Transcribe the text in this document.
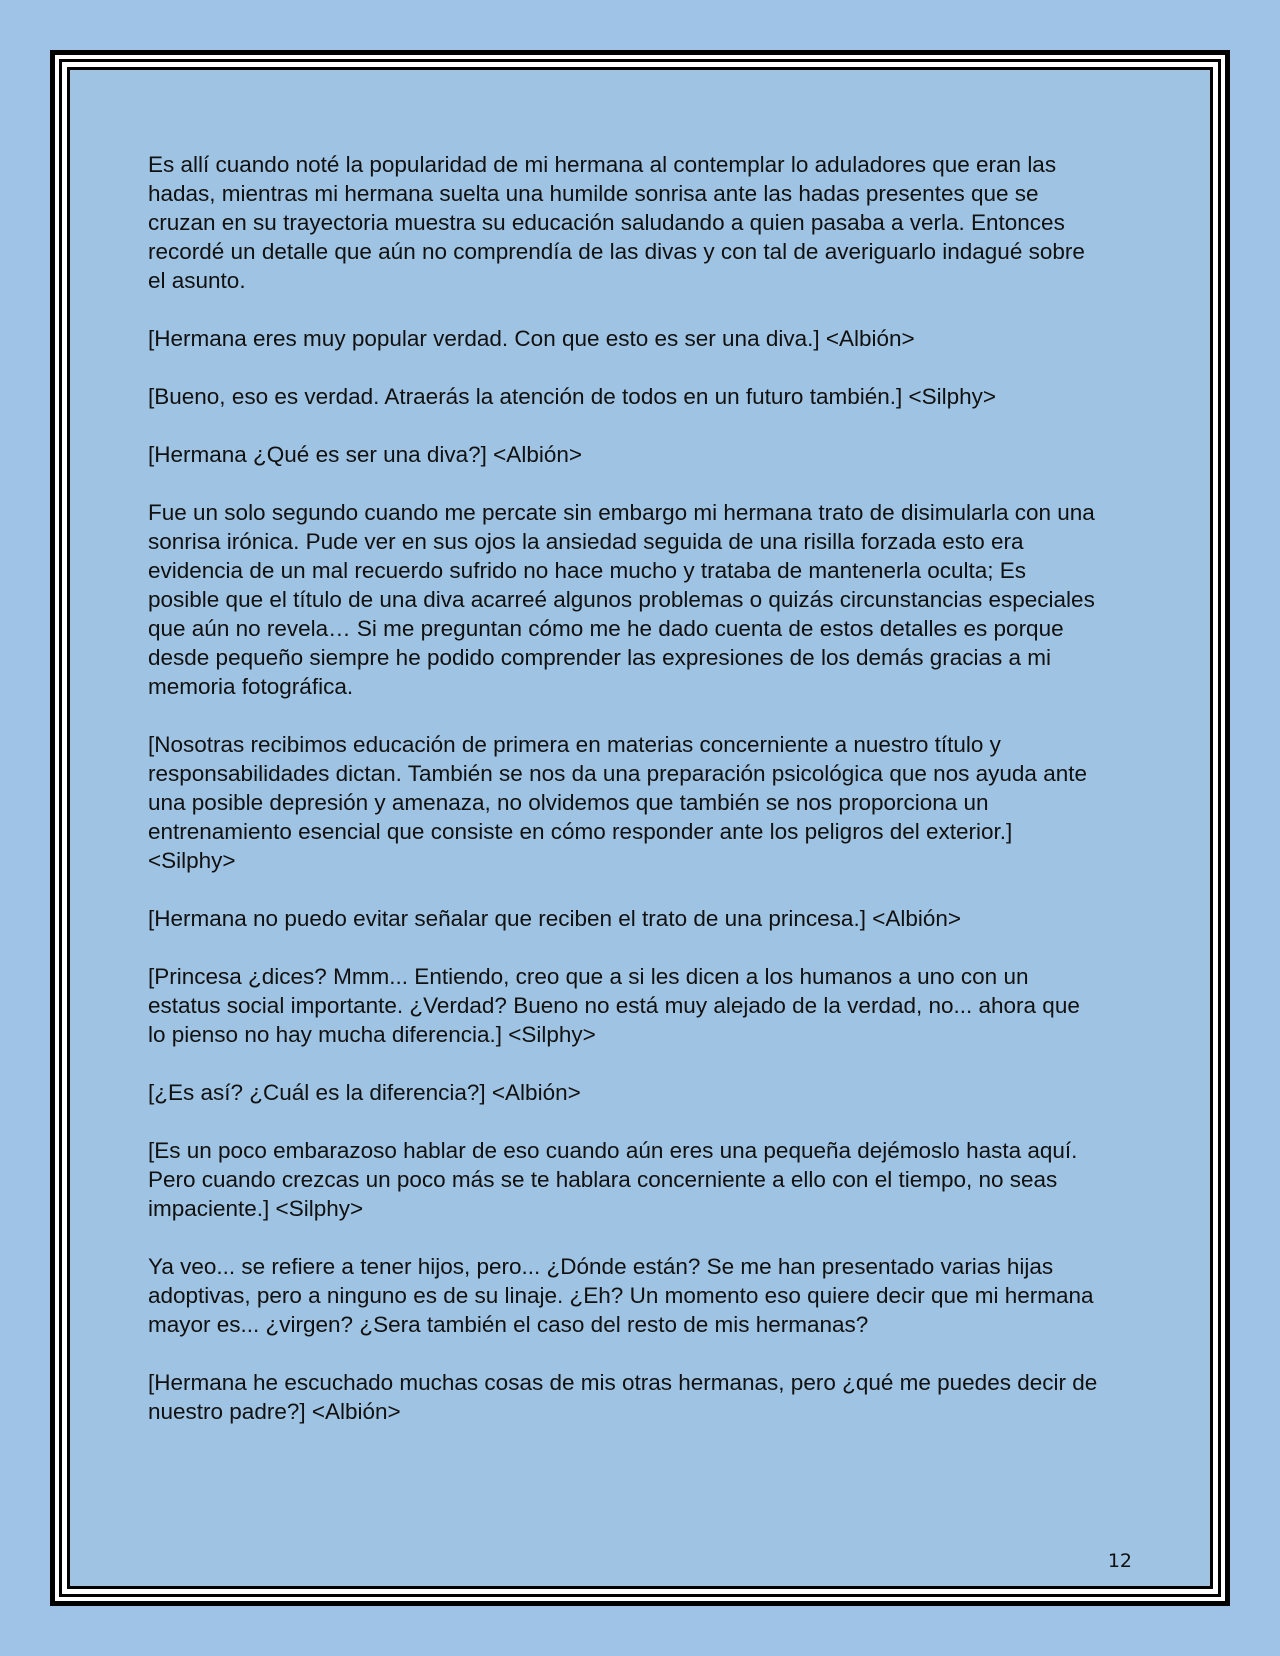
Es allí cuando noté la popularidad de mi hermana al contemplar lo aduladores que eran las hadas, mientras mi hermana suelta una humilde sonrisa ante las hadas presentes que se cruzan en su trayectoria muestra su educación saludando a quien pasaba a verla. Entonces recordé un detalle que aún no comprendía de las divas y con tal de averiguarlo indagué sobre el asunto.

[Hermana eres muy popular verdad. Con que esto es ser una diva.] <Albión>

[Bueno, eso es verdad. Atraerás la atención de todos en un futuro también.] <Silphy>

[Hermana ¿Qué es ser una diva?] <Albión>

Fue un solo segundo cuando me percate sin embargo mi hermana trato de disimularla con una sonrisa irónica. Pude ver en sus ojos la ansiedad seguida de una risilla forzada esto era evidencia de un mal recuerdo sufrido no hace mucho y trataba de mantenerla oculta; Es posible que el título de una diva acarreé algunos problemas o quizás circunstancias especiales que aún no revela… Si me preguntan cómo me he dado cuenta de estos detalles es porque desde pequeño siempre he podido comprender las expresiones de los demás gracias a mi memoria fotográfica.

[Nosotras recibimos educación de primera en materias concerniente a nuestro título y responsabilidades dictan. También se nos da una preparación psicológica que nos ayuda ante una posible depresión y amenaza, no olvidemos que también se nos proporciona un entrenamiento esencial que consiste en cómo responder ante los peligros del exterior.] <Silphy>

[Hermana no puedo evitar señalar que reciben el trato de una princesa.] <Albión>

[Princesa ¿dices? Mmm... Entiendo, creo que a si les dicen a los humanos a uno con un estatus social importante. ¿Verdad? Bueno no está muy alejado de la verdad, no... ahora que lo pienso no hay mucha diferencia.] <Silphy>

[¿Es así? ¿Cuál es la diferencia?] <Albión>

[Es un poco embarazoso hablar de eso cuando aún eres una pequeña dejémoslo hasta aquí. Pero cuando crezcas un poco más se te hablara concerniente a ello con el tiempo, no seas impaciente.] <Silphy>

Ya veo... se refiere a tener hijos, pero... ¿Dónde están? Se me han presentado varias hijas adoptivas, pero a ninguno es de su linaje. ¿Eh? Un momento eso quiere decir que mi hermana mayor es... ¿virgen? ¿Sera también el caso del resto de mis hermanas?

[Hermana he escuchado muchas cosas de mis otras hermanas, pero ¿qué me puedes decir de nuestro padre?] <Albión>

12
